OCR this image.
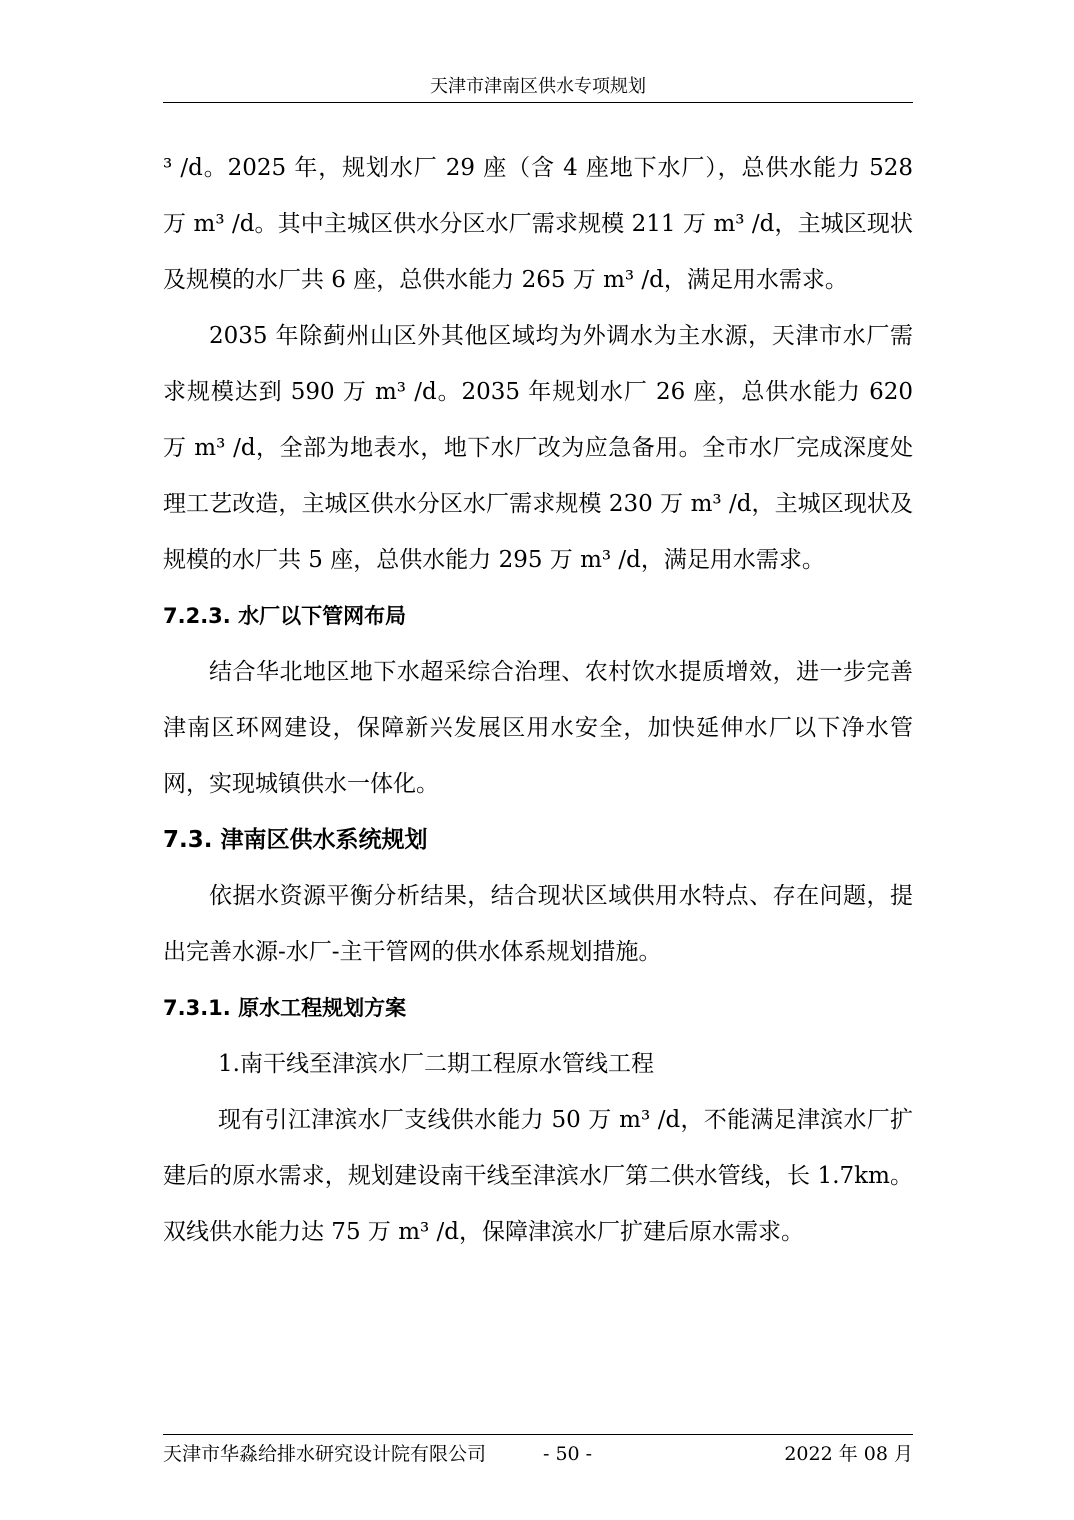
天津市津南区供水专项规划

³ /d。2025 年，规划水厂 29 座（含 4 座地下水厂），总供水能力 528 万 m³ /d。其中主城区供水分区水厂需求规模 211 万 m³ /d，主城区现状及规模的水厂共 6 座，总供水能力 265 万 m³ /d，满足用水需求。

2035 年除蓟州山区外其他区域均为外调水为主水源，天津市水厂需求规模达到 590 万 m³ /d。2035 年规划水厂 26 座，总供水能力 620 万 m³ /d，全部为地表水，地下水厂改为应急备用。全市水厂完成深度处理工艺改造，主城区供水分区水厂需求规模 230 万 m³ /d，主城区现状及规模的水厂共 5 座，总供水能力 295 万 m³ /d，满足用水需求。

7.2.3. 水厂以下管网布局

结合华北地区地下水超采综合治理、农村饮水提质增效，进一步完善津南区环网建设，保障新兴发展区用水安全，加快延伸水厂以下净水管网，实现城镇供水一体化。

7.3. 津南区供水系统规划

依据水资源平衡分析结果，结合现状区域供用水特点、存在问题，提出完善水源-水厂-主干管网的供水体系规划措施。

7.3.1. 原水工程规划方案

1.南干线至津滨水厂二期工程原水管线工程

现有引江津滨水厂支线供水能力 50 万 m³ /d，不能满足津滨水厂扩建后的原水需求，规划建设南干线至津滨水厂第二供水管线，长 1.7km。双线供水能力达 75 万 m³ /d，保障津滨水厂扩建后原水需求。

天津市华淼给排水研究设计院有限公司	- 50 -	2022 年 08 月
